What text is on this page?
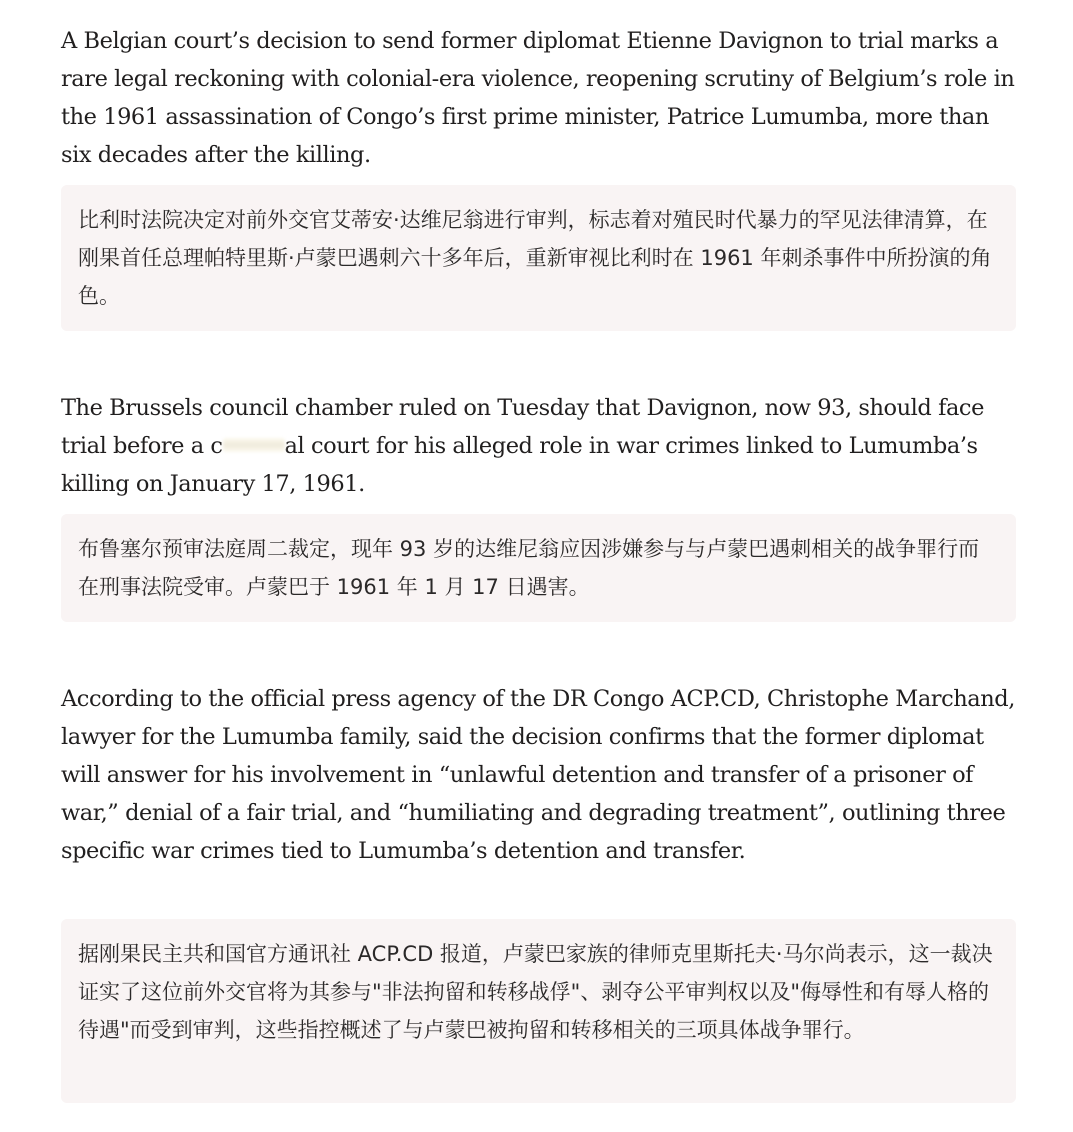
A Belgian court’s decision to send former diplomat Etienne Davignon to trial marks a rare legal reckoning with colonial-era violence, reopening scrutiny of Belgium’s role in the 1961 assassination of Congo’s first prime minister, Patrice Lumumba, more than six decades after the killing.

比利时法院决定对前外交官艾蒂安·达维尼翁进行审判，标志着对殖民时代暴力的罕见法律清算，在刚果首任总理帕特里斯·卢蒙巴遇刺六十多年后，重新审视比利时在 1961 年刺杀事件中所扮演的角色。

The Brussels council chamber ruled on Tuesday that Davignon, now 93, should face trial before a c	al court for his alleged role in war crimes linked to Lumumba’s killing on January 17, 1961.

布鲁塞尔预审法庭周二裁定，现年 93 岁的达维尼翁应因涉嫌参与与卢蒙巴遇刺相关的战争罪行而在刑事法院受审。卢蒙巴于 1961 年 1 月 17 日遇害。

According to the official press agency of the DR Congo ACP.CD, Christophe Marchand, lawyer for the Lumumba family, said the decision confirms that the former diplomat will answer for his involvement in “unlawful detention and transfer of a prisoner of war,” denial of a fair trial, and “humiliating and degrading treatment”, outlining three specific war crimes tied to Lumumba’s detention and transfer.

据刚果民主共和国官方通讯社 ACP.CD 报道，卢蒙巴家族的律师克里斯托夫·马尔尚表示，这一裁决证实了这位前外交官将为其参与"非法拘留和转移战俘"、剥夺公平审判权以及"侮辱性和有辱人格的待遇"而受到审判，这些指控概述了与卢蒙巴被拘留和转移相关的三项具体战争罪行。
